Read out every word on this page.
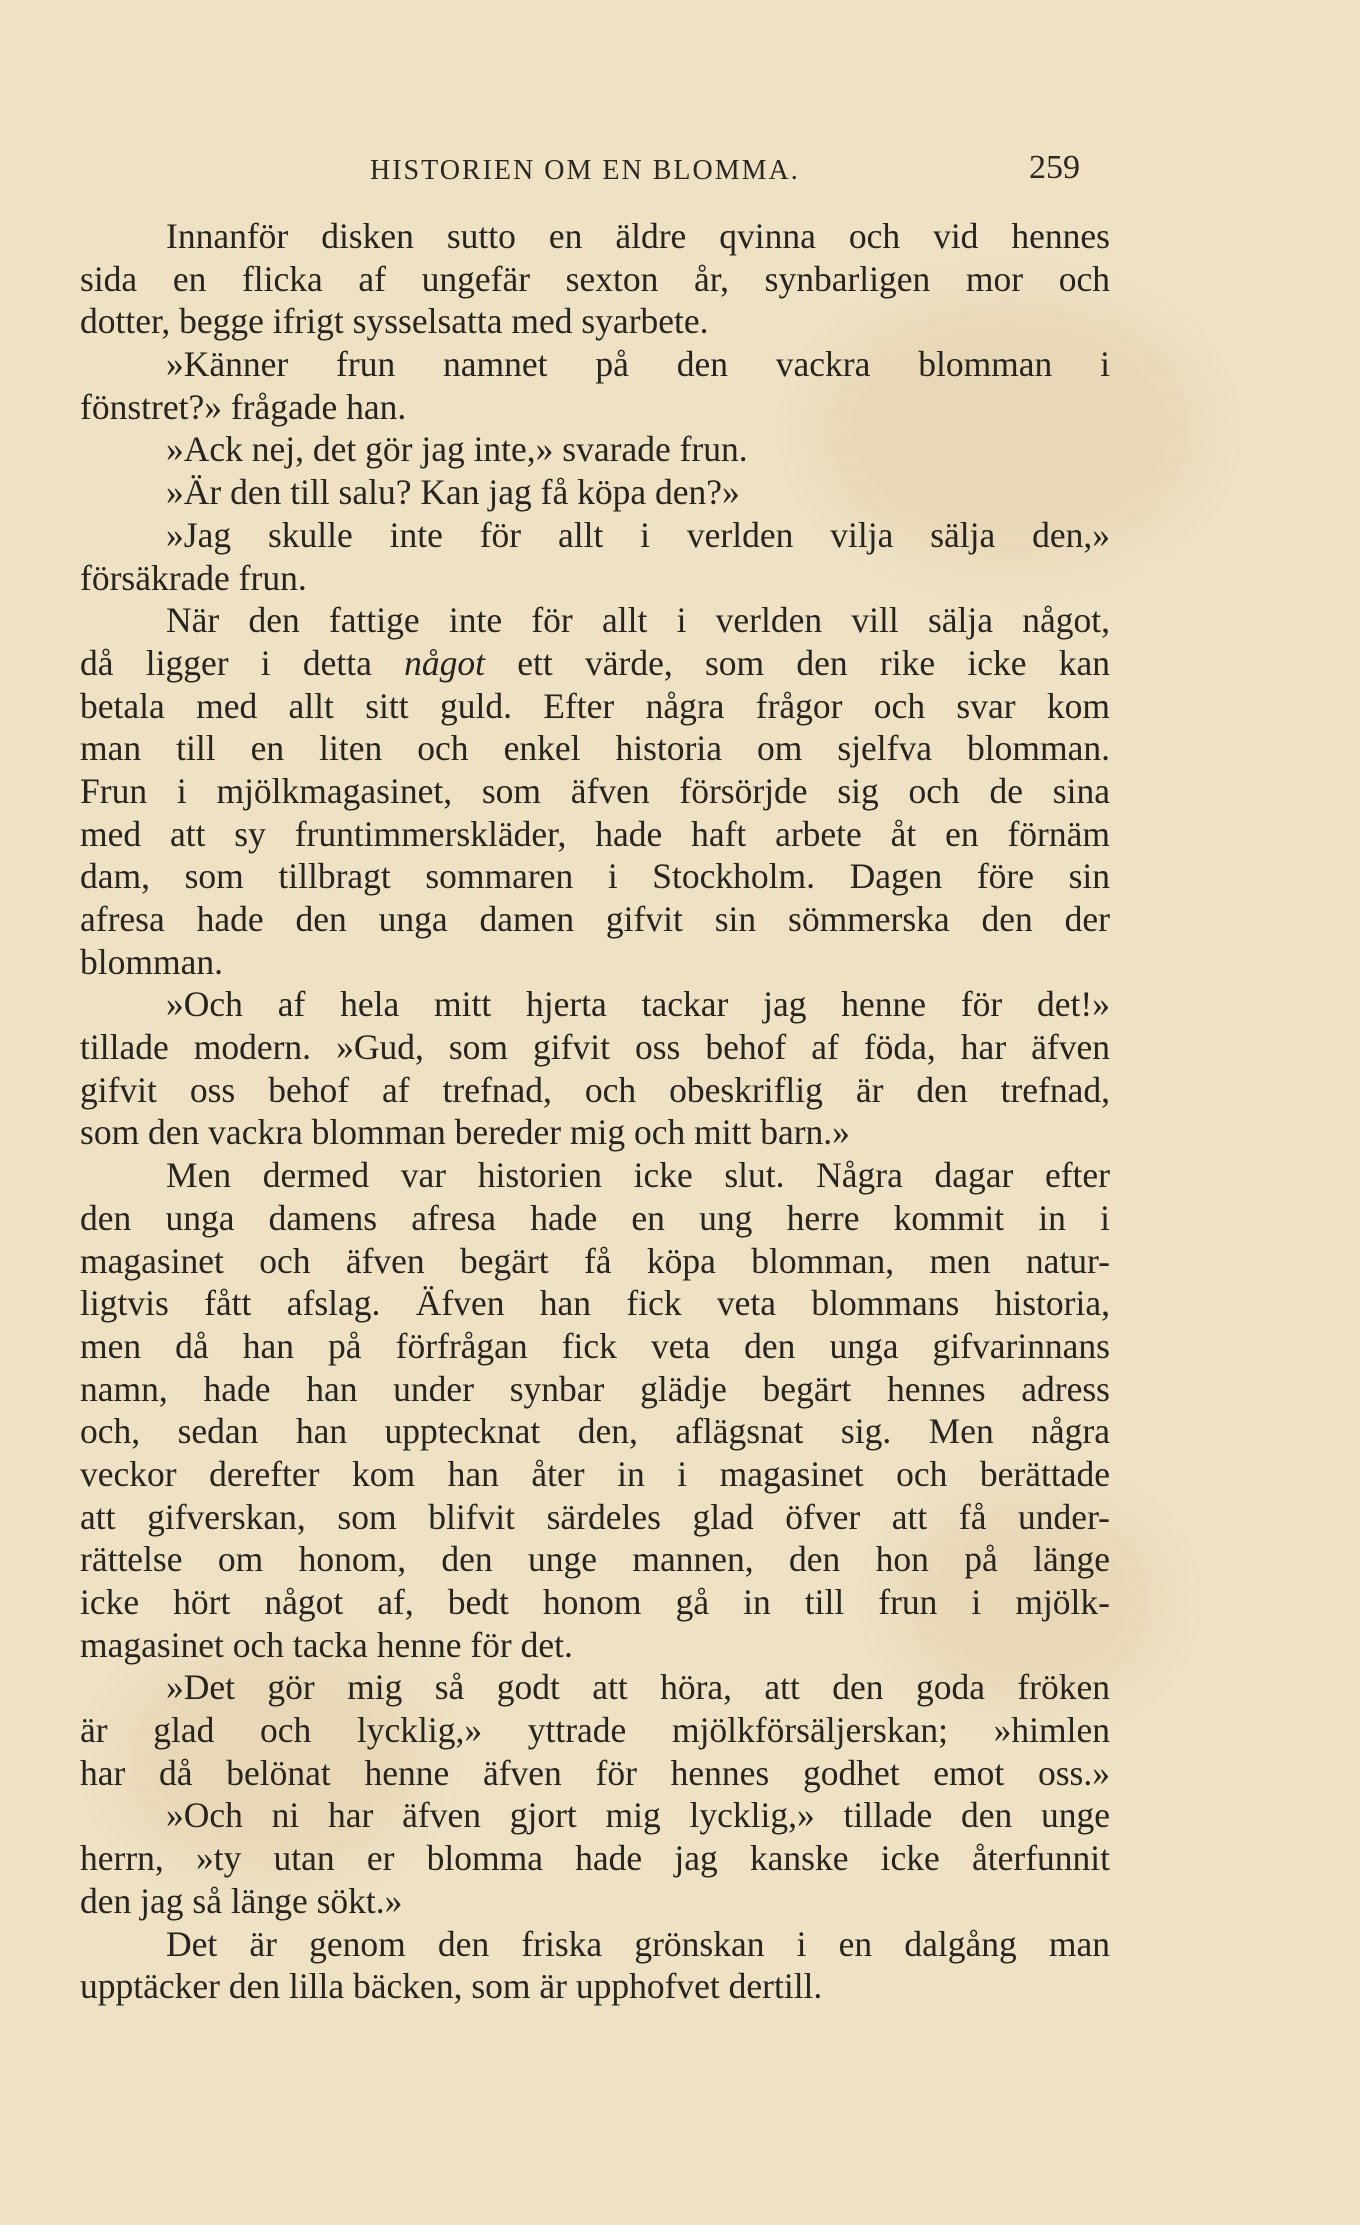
HISTORIEN OM EN BLOMMA.	259
Innanför disken sutto en äldre qvinna och vid hennes
sida en flicka af ungefär sexton år, synbarligen mor och
dotter, begge ifrigt sysselsatta med syarbete.
»Känner frun namnet på den vackra blomman i
fönstret?» frågade han.
»Ack nej, det gör jag inte,» svarade frun.
»Är den till salu? Kan jag få köpa den?»
»Jag skulle inte för allt i verlden vilja sälja den,»
försäkrade frun.
När den fattige inte för allt i verlden vill sälja något,
då ligger i detta något ett värde, som den rike icke kan
betala med allt sitt guld. Efter några frågor och svar kom
man till en liten och enkel historia om sjelfva blomman.
Frun i mjölkmagasinet, som äfven försörjde sig och de sina
med att sy fruntimmerskläder, hade haft arbete åt en förnäm
dam, som tillbragt sommaren i Stockholm. Dagen före sin
afresa hade den unga damen gifvit sin sömmerska den der
blomman.
»Och af hela mitt hjerta tackar jag henne för det!»
tillade modern. »Gud, som gifvit oss behof af föda, har äfven
gifvit oss behof af trefnad, och obeskriflig är den trefnad,
som den vackra blomman bereder mig och mitt barn.»
Men dermed var historien icke slut. Några dagar efter
den unga damens afresa hade en ung herre kommit in i
magasinet och äfven begärt få köpa blomman, men natur-
ligtvis fått afslag. Äfven han fick veta blommans historia,
men då han på förfrågan fick veta den unga gifvarinnans
namn, hade han under synbar glädje begärt hennes adress
och, sedan han upptecknat den, aflägsnat sig. Men några
veckor derefter kom han åter in i magasinet och berättade
att gifverskan, som blifvit särdeles glad öfver att få under-
rättelse om honom, den unge mannen, den hon på länge
icke hört något af, bedt honom gå in till frun i mjölk-
magasinet och tacka henne för det.
»Det gör mig så godt att höra, att den goda fröken
är glad och lycklig,» yttrade mjölkförsäljerskan; »himlen
har då belönat henne äfven för hennes godhet emot oss.»
»Och ni har äfven gjort mig lycklig,» tillade den unge
herrn, »ty utan er blomma hade jag kanske icke återfunnit
den jag så länge sökt.»
Det är genom den friska grönskan i en dalgång man
upptäcker den lilla bäcken, som är upphofvet dertill.
